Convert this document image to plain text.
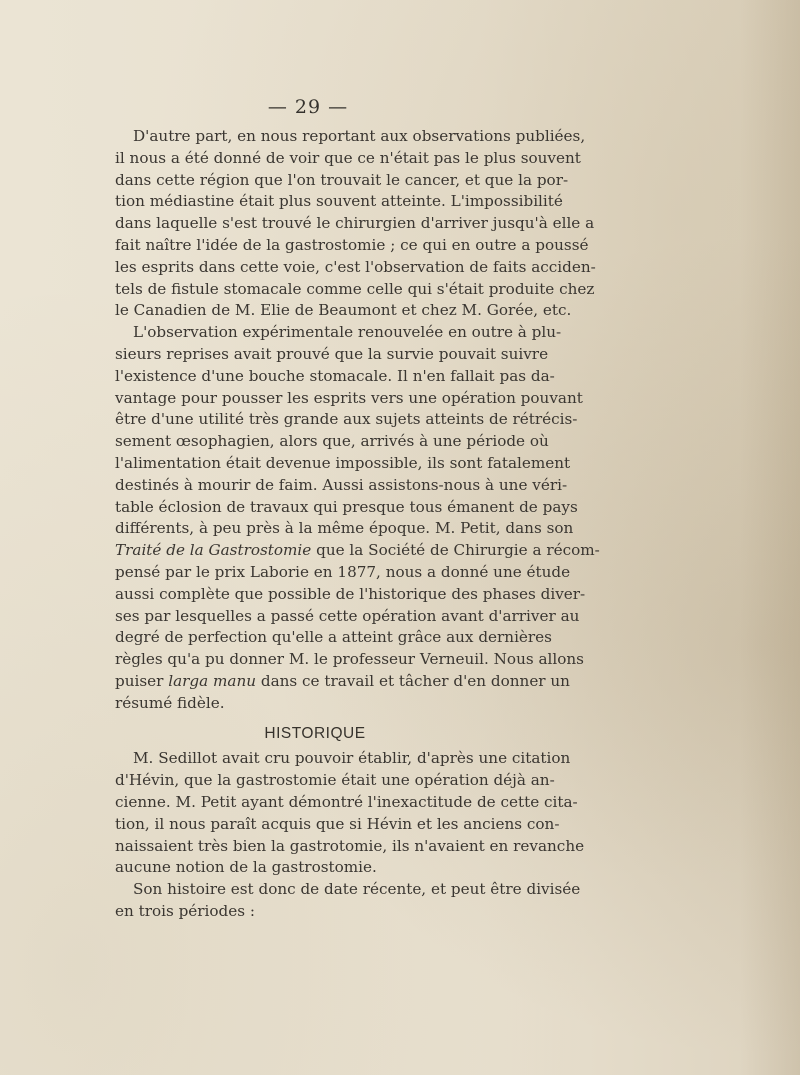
— 29 —
D'autre part, en nous reportant aux observations publiées,
il nous a été donné de voir que ce n'était pas le plus souvent
dans cette région que l'on trouvait le cancer, et que la por-
tion médiastine était plus souvent atteinte. L'impossibilité
dans laquelle s'est trouvé le chirurgien d'arriver jusqu'à elle a
fait naître l'idée de la gastrostomie ; ce qui en outre a poussé
les esprits dans cette voie, c'est l'observation de faits acciden-
tels de fistule stomacale comme celle qui s'était produite chez
le Canadien de M. Elie de Beaumont et chez M. Gorée, etc.
L'observation expérimentale renouvelée en outre à plu-
sieurs reprises avait prouvé que la survie pouvait suivre
l'existence d'une bouche stomacale. Il n'en fallait pas da-
vantage pour pousser les esprits vers une opération pouvant
être d'une utilité très grande aux sujets atteints de rétrécis-
sement œsophagien, alors que, arrivés à une période où
l'alimentation était devenue impossible, ils sont fatalement
destinés à mourir de faim. Aussi assistons-nous à une véri-
table éclosion de travaux qui presque tous émanent de pays
différents, à peu près à la même époque. M. Petit, dans son
Traité de la Gastrostomie que la Société de Chirurgie a récom-
pensé par le prix Laborie en 1877, nous a donné une étude
aussi complète que possible de l'historique des phases diver-
ses par lesquelles a passé cette opération avant d'arriver au
degré de perfection qu'elle a atteint grâce aux dernières
règles qu'a pu donner M. le professeur Verneuil. Nous allons
puiser larga manu dans ce travail et tâcher d'en donner un
résumé fidèle.
HISTORIQUE
M. Sedillot avait cru pouvoir établir, d'après une citation
d'Hévin, que la gastrostomie était une opération déjà an-
cienne. M. Petit ayant démontré l'inexactitude de cette cita-
tion, il nous paraît acquis que si Hévin et les anciens con-
naissaient très bien la gastrotomie, ils n'avaient en revanche
aucune notion de la gastrostomie.
Son histoire est donc de date récente, et peut être divisée
en trois périodes :
